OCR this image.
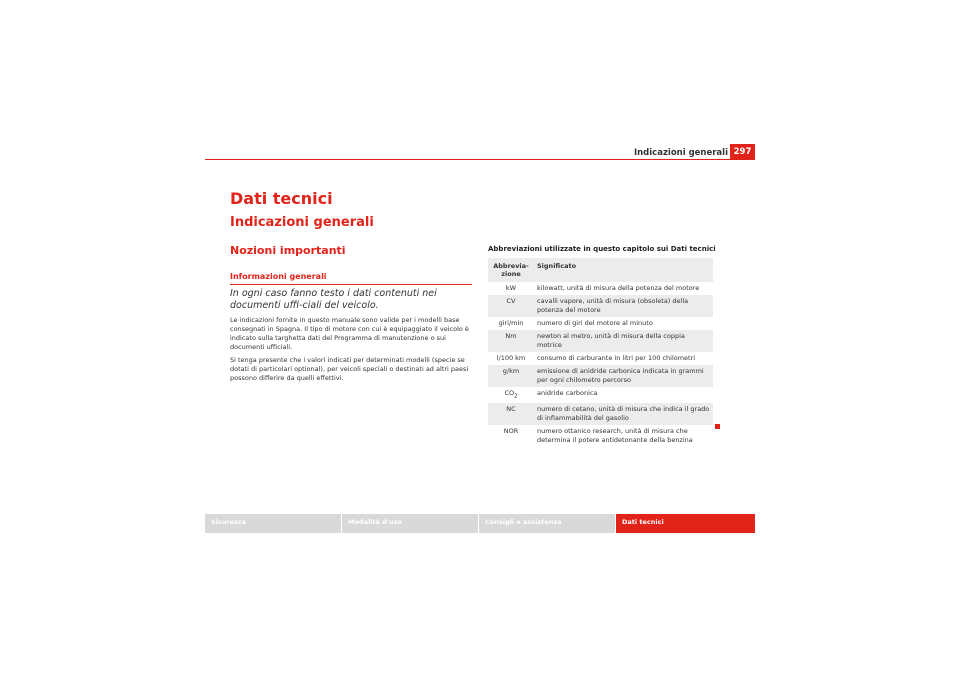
Indicazioni generali 297
Dati tecnici
Indicazioni generali
Nozioni importanti
Informazioni generali
In ogni caso fanno testo i dati contenuti nei documenti uffi-ciali del veicolo.
Le indicazioni fornite in questo manuale sono valide per i modelli base consegnati in Spagna. Il tipo di motore con cui è equipaggiato il veicolo è indicato sulla targhetta dati del Programma di manutenzione o sui documenti ufficiali.
Si tenga presente che i valori indicati per determinati modelli (specie se dotati di particolari optional), per veicoli speciali o destinati ad altri paesi possono differire da quelli effettivi.
Abbreviazioni utilizzate in questo capitolo sui Dati tecnici
Abbrevia-zione	Significato
kW	kilowatt, unità di misura della potenza del motore
CV	cavalli vapore, unità di misura (obsoleta) della potenza del motore
giri/min	numero di giri del motore al minuto
Nm	newton al metro, unità di misura della coppia motrice
l/100 km	consumo di carburante in litri per 100 chilometri
g/km	emissione di anidride carbonica indicata in grammi per ogni chilometro percorso
$CO_2$	anidride carbonica
NC	numero di cetano, unità di misura che indica il grado di infiammabilità del gasolio
NOR	numero ottanico research, unità di misura che determina il potere antidetonante della benzina
Sicurezza	Modalità d'uso	Consigli e assistenza	Dati tecnici
